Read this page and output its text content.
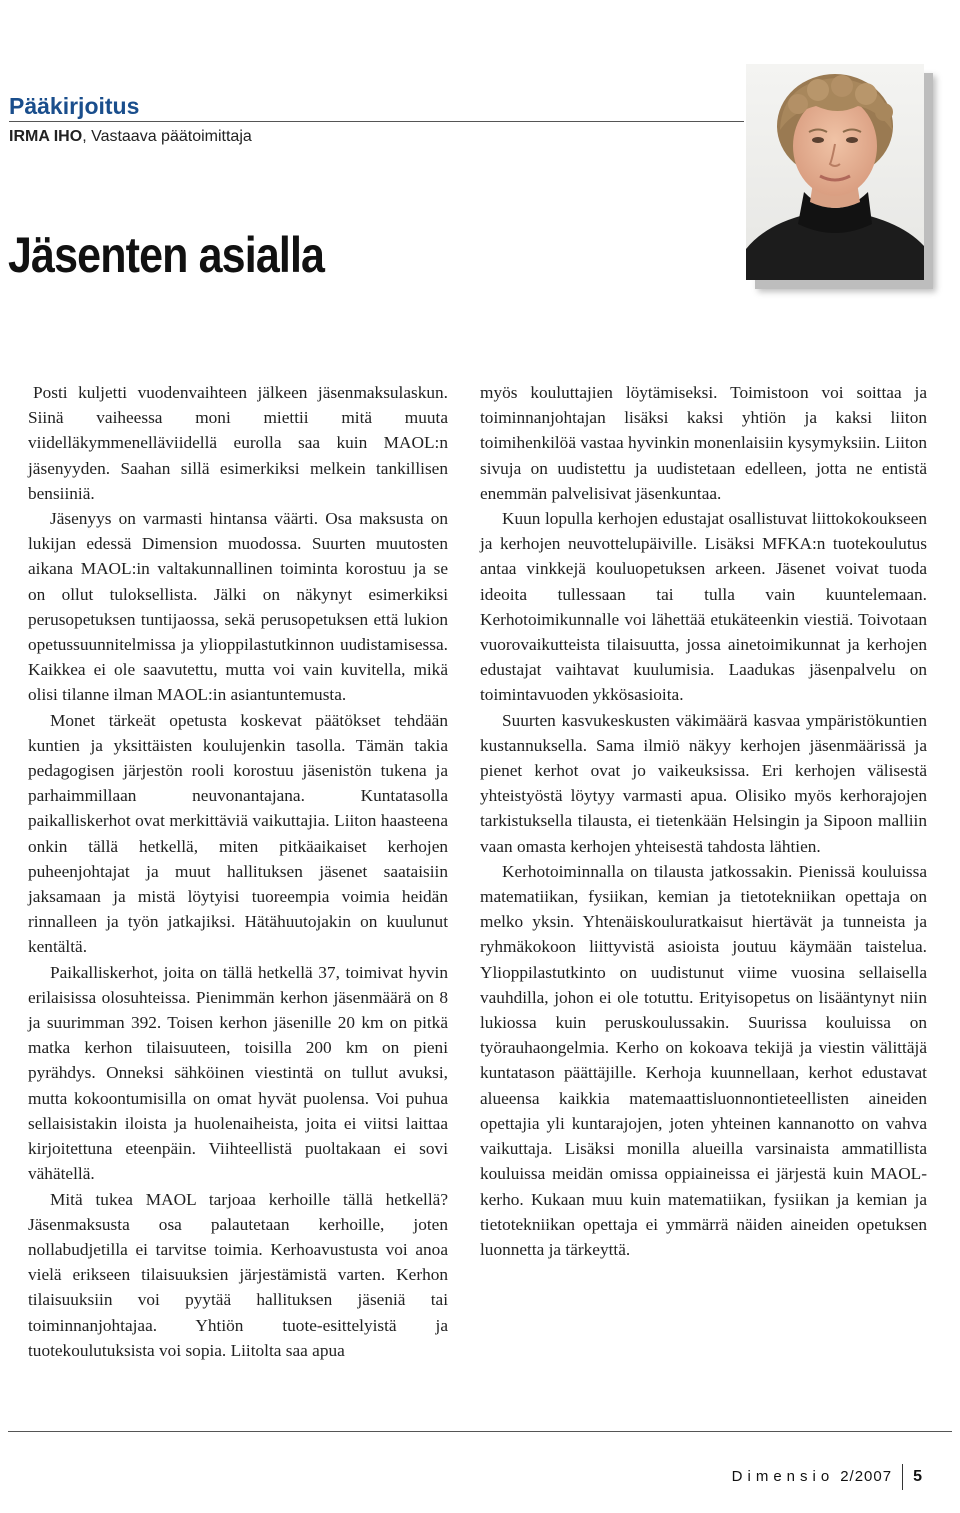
Pääkirjoitus
IRMA IHO, Vastaava päätoimittaja
Jäsenten asialla

Posti kuljetti vuodenvaihteen jälkeen jäsenmaksulaskun. Siinä vaiheessa moni miettii mitä muuta viidelläkymmenelläviidellä eurolla saa kuin MAOL:n jäsenyyden. Saahan sillä esimerkiksi melkein tankillisen bensiiniä.

Jäsenyys on varmasti hintansa väärti. Osa maksusta on lukijan edessä Dimension muodossa. Suurten muutosten aikana MAOL:in valtakunnallinen toiminta korostuu ja se on ollut tuloksellista. Jälki on näkynyt esimerkiksi perusopetuksen tuntijaossa, sekä perusopetuksen että lukion opetussuunnitelmissa ja ylioppilastutkinnon uudistamisessa. Kaikkea ei ole saavutettu, mutta voi vain kuvitella, mikä olisi tilanne ilman MAOL:in asiantuntemusta.

Monet tärkeät opetusta koskevat päätökset tehdään kuntien ja yksittäisten koulujenkin tasolla. Tämän takia pedagogisen järjestön rooli korostuu jäsenistön tukena ja parhaimmillaan neuvonantajana. Kuntatasolla paikalliskerhot ovat merkittäviä vaikuttajia. Liiton haasteena onkin tällä hetkellä, miten pitkäaikaiset kerhojen puheenjohtajat ja muut hallituksen jäsenet saataisiin jaksamaan ja mistä löytyisi tuoreempia voimia heidän rinnalleen ja työn jatkajiksi. Hätähuutojakin on kuulunut kentältä.

Paikalliskerhot, joita on tällä hetkellä 37, toimivat hyvin erilaisissa olosuhteissa. Pienimmän kerhon jäsenmäärä on 8 ja suurimman 392. Toisen kerhon jäsenille 20 km on pitkä matka kerhon tilaisuuteen, toisilla 200 km on pieni pyrähdys. Onneksi sähköinen viestintä on tullut avuksi, mutta kokoontumisilla on omat hyvät puolensa. Voi puhua sellaisistakin iloista ja huolenaiheista, joita ei viitsi laittaa kirjoitettuna eteenpäin. Viihteellistä puoltakaan ei sovi vähätellä.

Mitä tukea MAOL tarjoaa kerhoille tällä hetkellä? Jäsenmaksusta osa palautetaan kerhoille, joten nollabudjetilla ei tarvitse toimia. Kerhoavustusta voi anoa vielä erikseen tilaisuuksien järjestämistä varten. Kerhon tilaisuuksiin voi pyytää hallituksen jäseniä tai toiminnanjohtajaa. Yhtiön tuote-esittelyistä ja tuotekoulutuksista voi sopia. Liitolta saa apua

myös kouluttajien löytämiseksi. Toimistoon voi soittaa ja toiminnanjohtajan lisäksi kaksi yhtiön ja kaksi liiton toimihenkilöä vastaa hyvinkin monenlaisiin kysymyksiin. Liiton sivuja on uudistettu ja uudistetaan edelleen, jotta ne entistä enemmän palvelisivat jäsenkuntaa.

Kuun lopulla kerhojen edustajat osallistuvat liittokokoukseen ja kerhojen neuvottelupäiville. Lisäksi MFKA:n tuotekoulutus antaa vinkkejä kouluopetuksen arkeen. Jäsenet voivat tuoda ideoita tullessaan tai tulla vain kuuntelemaan. Kerhotoimikunnalle voi lähettää etukäteenkin viestiä. Toivotaan vuorovaikutteista tilaisuutta, jossa ainetoimikunnat ja kerhojen edustajat vaihtavat kuulumisia. Laadukas jäsenpalvelu on toimintavuoden ykkösasioita.

Suurten kasvukeskusten väkimäärä kasvaa ympäristökuntien kustannuksella. Sama ilmiö näkyy kerhojen jäsenmäärissä ja pienet kerhot ovat jo vaikeuksissa. Eri kerhojen välisestä yhteistyöstä löytyy varmasti apua. Olisiko myös kerhorajojen tarkistuksella tilausta, ei tietenkään Helsingin ja Sipoon malliin vaan omasta kerhojen yhteisestä tahdosta lähtien.

Kerhotoiminnalla on tilausta jatkossakin. Pienissä kouluissa matematiikan, fysiikan, kemian ja tietotekniikan opettaja on melko yksin. Yhtenäiskouluratkaisut hiertävät ja tunneista ja ryhmäkokoon liittyvistä asioista joutuu käymään taistelua. Ylioppilastutkinto on uudistunut viime vuosina sellaisella vauhdilla, johon ei ole totuttu. Erityisopetus on lisääntynyt niin lukiossa kuin peruskoulussakin. Suurissa kouluissa on työrauhaongelmia. Kerho on kokoava tekijä ja viestin välittäjä kuntatason päättäjille. Kerhoja kuunnellaan, kerhot edustavat alueensa kaikkia matemaattisluonnontieteellisten aineiden opettajia yli kuntarajojen, joten yhteinen kannanotto on vahva vaikuttaja. Lisäksi monilla alueilla varsinaista ammatillista kouluissa meidän omissa oppiaineissa ei järjestä kuin MAOL-kerho. Kukaan muu kuin matematiikan, fysiikan ja kemian ja tietotekniikan opettaja ei ymmärrä näiden aineiden opetuksen luonnetta ja tärkeyttä.

Dimensio 2/2007 5
